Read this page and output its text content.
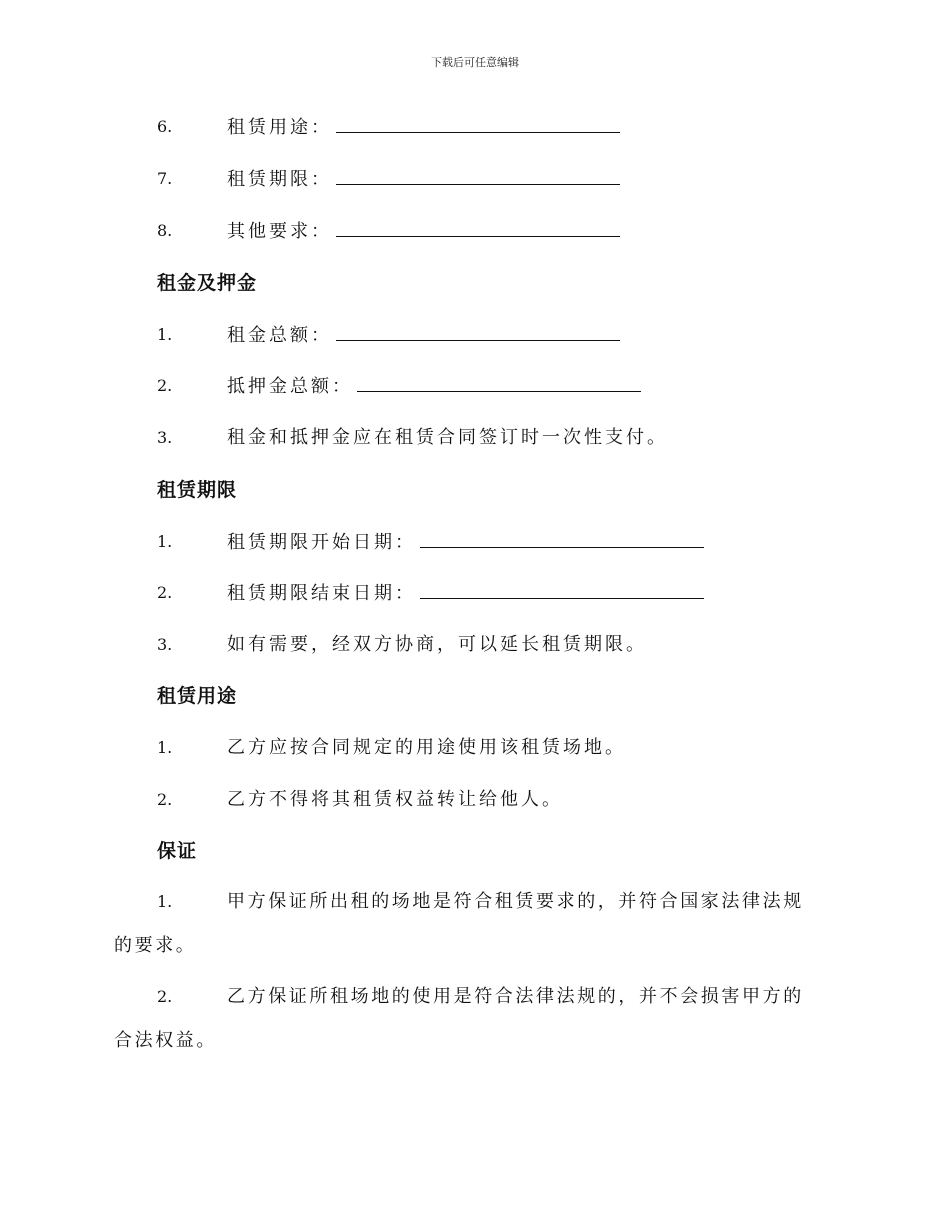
下载后可任意编辑
6.	租赁用途：
7.	租赁期限：
8.	其他要求：
租金及押金
1.	租金总额：
2.	抵押金总额：
3.	租金和抵押金应在租赁合同签订时一次性支付。
租赁期限
1.	租赁期限开始日期：
2.	租赁期限结束日期：
3.	如有需要，经双方协商，可以延长租赁期限。
租赁用途
1.	乙方应按合同规定的用途使用该租赁场地。
2.	乙方不得将其租赁权益转让给他人。
保证
1.	甲方保证所出租的场地是符合租赁要求的，并符合国家法律法规
的要求。
2.	乙方保证所租场地的使用是符合法律法规的，并不会损害甲方的
合法权益。
